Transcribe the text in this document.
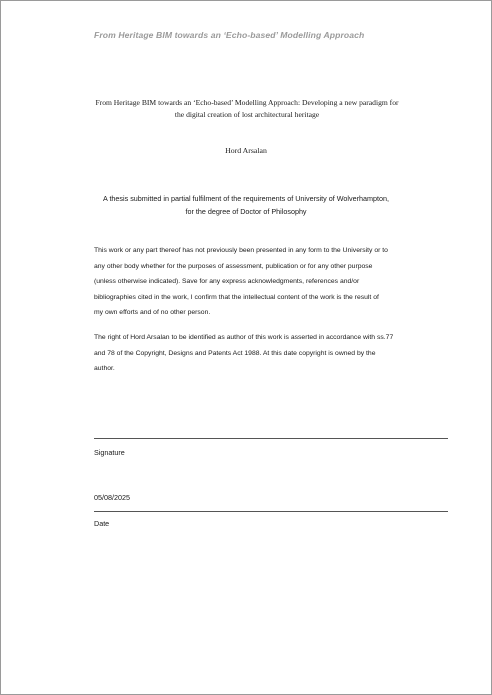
From Heritage BIM towards an ‘Echo-based’ Modelling Approach
From Heritage BIM towards an ‘Echo-based’ Modelling Approach: Developing a new paradigm for
the digital creation of lost architectural heritage
Hord Arsalan
A thesis submitted in partial fulfilment of the requirements of University of Wolverhampton,
for the degree of Doctor of Philosophy
This work or any part thereof has not previously been presented in any form to the University or to
any other body whether for the purposes of assessment, publication or for any other purpose
(unless otherwise indicated). Save for any express acknowledgments, references and/or
bibliographies cited in the work, I confirm that the intellectual content of the work is the result of
my own efforts and of no other person.
The right of Hord Arsalan to be identified as author of this work is asserted in accordance with ss.77
and 78 of the Copyright, Designs and Patents Act 1988. At this date copyright is owned by the
author.
Signature
05/08/2025
Date
